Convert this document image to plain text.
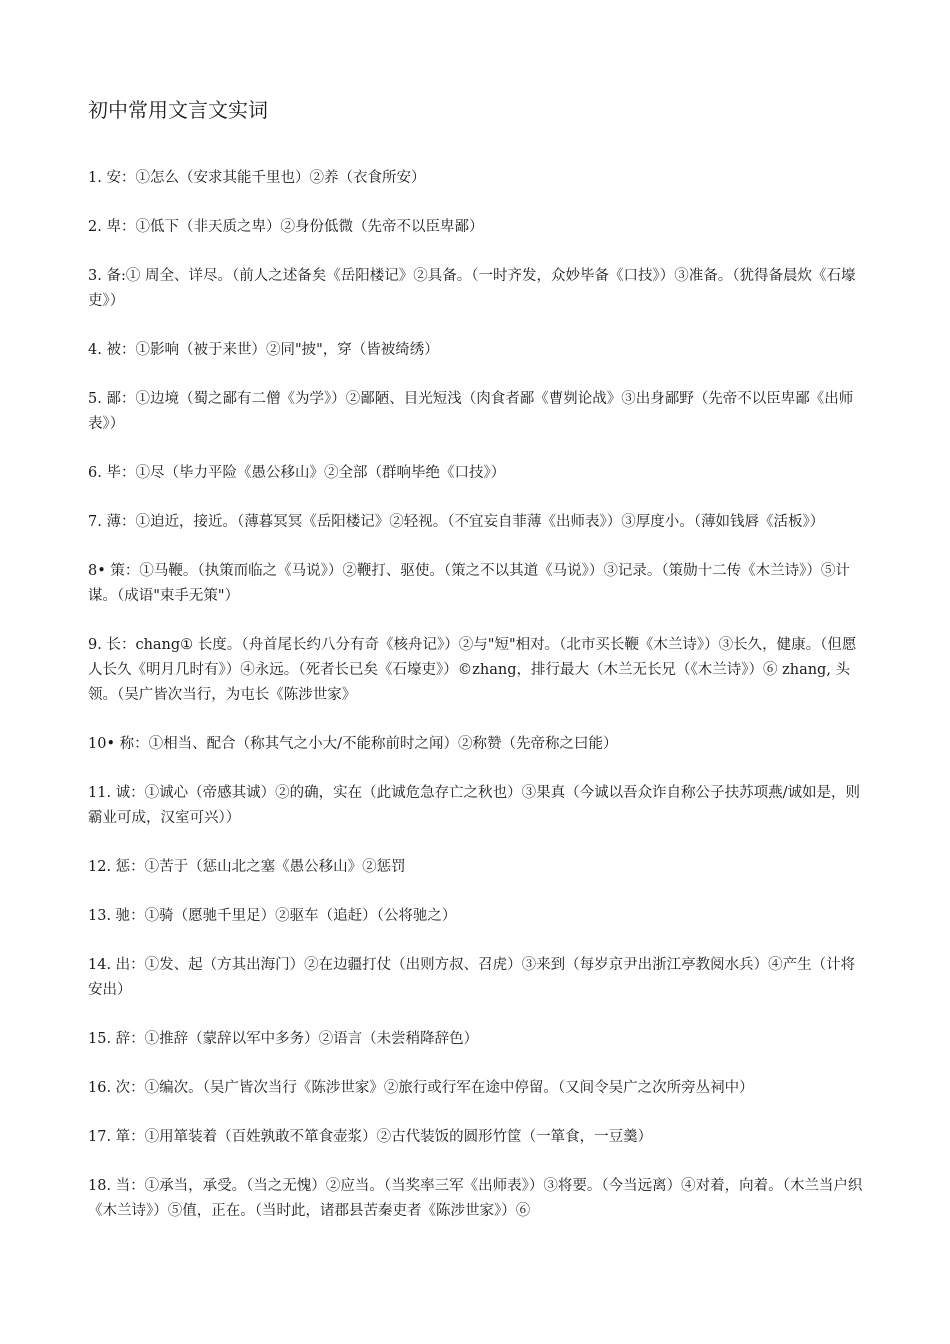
初中常用文言文实词

1. 安：①怎么（安求其能千里也）②养（衣食所安）

2. 卑：①低下（非天质之卑）②身份低微（先帝不以臣卑鄙）

3. 备:① 周全、详尽。（前人之述备矣《岳阳楼记》②具备。（一时齐发，众妙毕备《口技》）③准备。（犹得备晨炊《石壕吏》）

4. 被：①影响（被于来世）②同"披"，穿（皆被绮绣）

5. 鄙：①边境（蜀之鄙有二僧《为学》）②鄙陋、目光短浅（肉食者鄙《曹刿论战》③出身鄙野（先帝不以臣卑鄙《出师表》）

6. 毕：①尽（毕力平险《愚公移山》②全部（群响毕绝《口技》）

7. 薄：①迫近，接近。（薄暮冥冥《岳阳楼记》②轻视。（不宜妄自菲薄《出师表》）③厚度小。（薄如钱唇《活板》）

8• 策：①马鞭。（执策而临之《马说》）②鞭打、驱使。（策之不以其道《马说》）③记录。（策勋十二传《木兰诗》）⑤计谋。（成语"束手无策"）

9. 长：chang① 长度。（舟首尾长约八分有奇《核舟记》）②与"短"相对。（北市买长鞭《木兰诗》）③长久，健康。（但愿人长久《明月几时有》）④永远。（死者长已矣《石壕吏》）©zhang，排行最大（木兰无长兄（《木兰诗》）⑥ zhang, 头领。（吴广皆次当行，为屯长《陈涉世家》

10• 称：①相当、配合（称其气之小大/不能称前时之闻）②称赞（先帝称之曰能）

11. 诚：①诚心（帝感其诚）②的确，实在（此诚危急存亡之秋也）③果真（今诚以吾众诈自称公子扶苏项燕/诚如是，则霸业可成，汉室可兴））

12. 惩：①苦于（惩山北之塞《愚公移山》②惩罚

13. 驰：①骑（愿驰千里足）②驱车（追赶）（公将驰之）

14. 出：①发、起（方其出海门）②在边疆打仗（出则方叔、召虎）③来到（每岁京尹出浙江亭教阅水兵）④产生（计将安出）

15. 辞：①推辞（蒙辞以军中多务）②语言（未尝稍降辞色）

16. 次：①编次。（吴广皆次当行《陈涉世家》②旅行或行军在途中停留。（又间令吴广之次所旁丛祠中）

17. 箪：①用箪装着（百姓孰敢不箪食壶浆）②古代装饭的圆形竹筐（一箪食，一豆羹）

18. 当：①承当，承受。（当之无愧）②应当。（当奖率三军《出师表》）③将要。（今当远离）④对着，向着。（木兰当户织《木兰诗》）⑤值，正在。（当时此，诸郡县苦秦吏者《陈涉世家》）⑥
